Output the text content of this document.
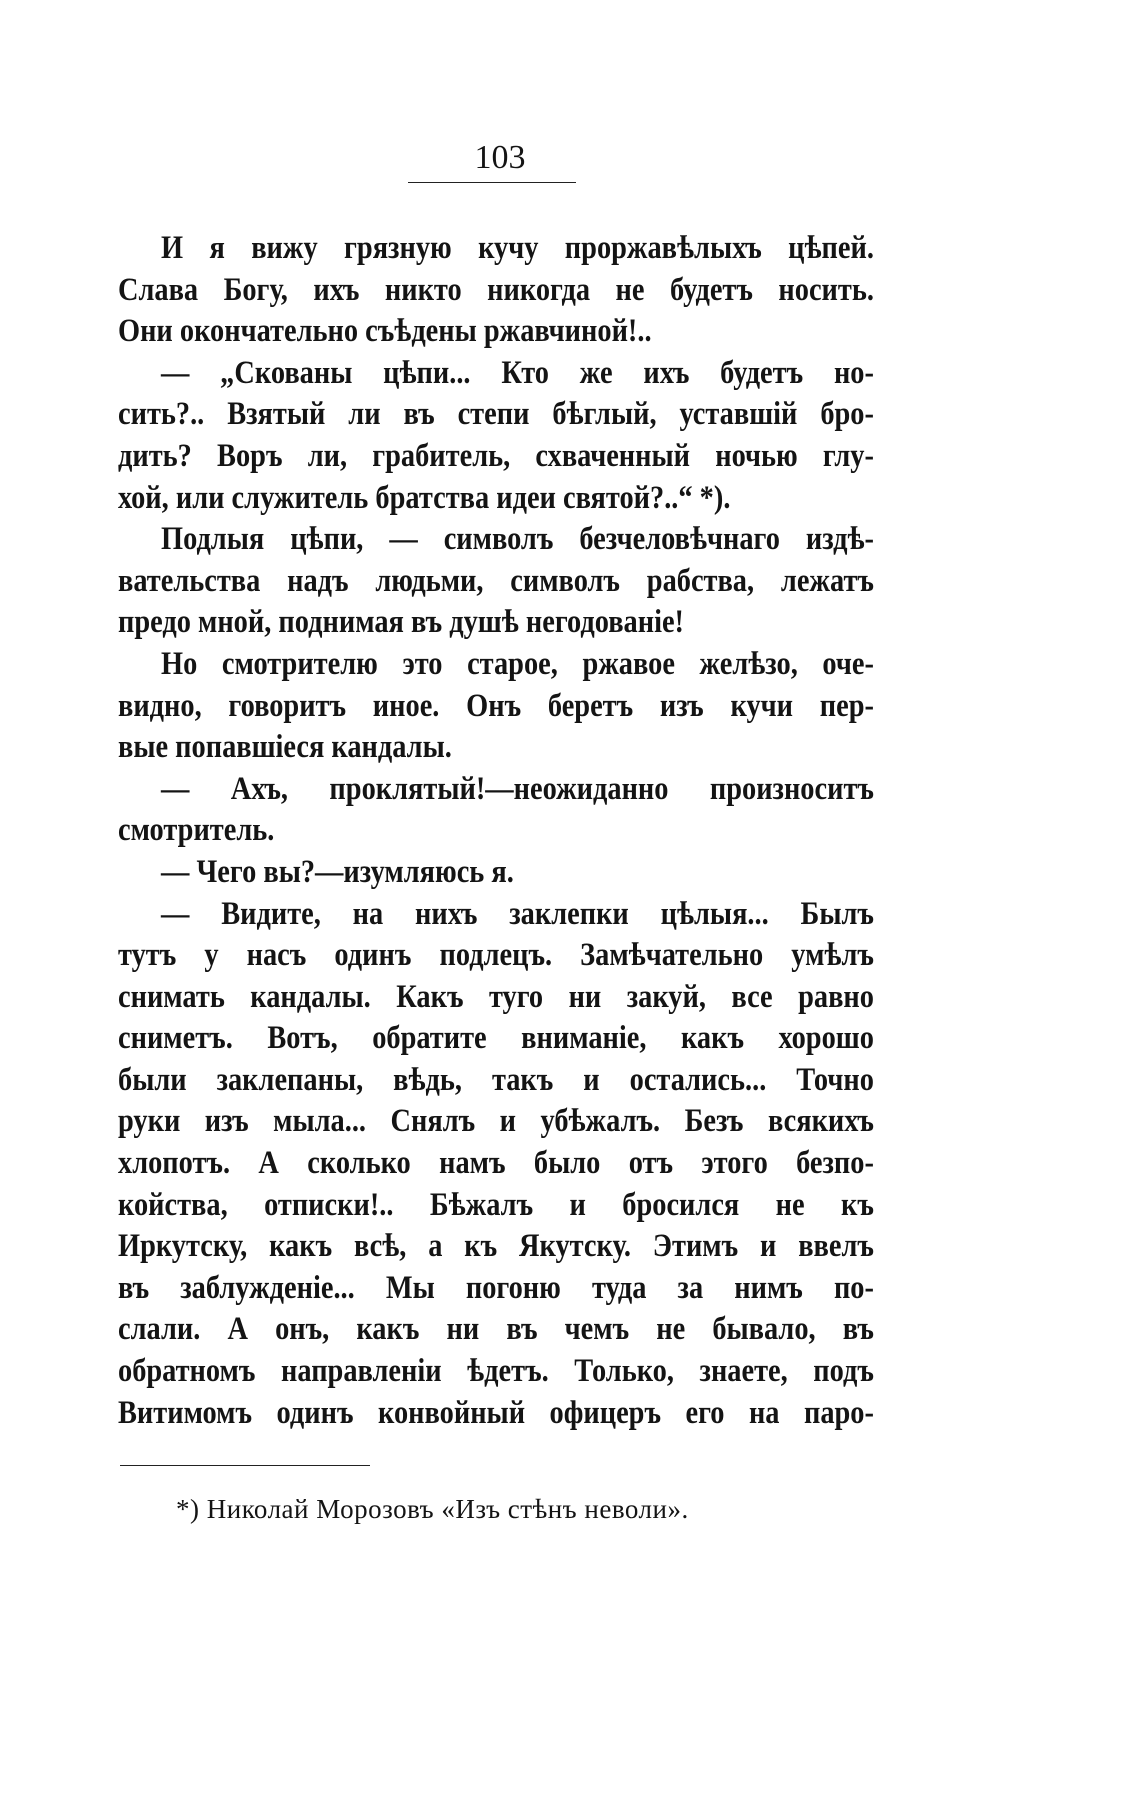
103
И я вижу грязную кучу проржавѣлыхъ цѣпей.
Слава Богу, ихъ никто никогда не будетъ носить.
Они окончательно съѣдены ржавчиной!..
— „Скованы цѣпи... Кто же ихъ будетъ но-
сить?.. Взятый ли въ степи бѣглый, уставшій бро-
дить? Воръ ли, грабитель, схваченный ночью глу-
хой, или служитель братства идеи святой?..“ *).
Подлыя цѣпи, — символъ безчеловѣчнаго издѣ-
вательства надъ людьми, символъ рабства, лежатъ
предо мной, поднимая въ душѣ негодованіе!
Но смотрителю это старое, ржавое желѣзо, оче-
видно, говоритъ иное. Онъ беретъ изъ кучи пер-
вые попавшіеся кандалы.
— Ахъ, проклятый!—неожиданно произноситъ
смотритель.
— Чего вы?—изумляюсь я.
— Видите, на нихъ заклепки цѣлыя... Былъ
тутъ у насъ одинъ подлецъ. Замѣчательно умѣлъ
снимать кандалы. Какъ туго ни закуй, все равно
сниметъ. Вотъ, обратите вниманіе, какъ хорошо
были заклепаны, вѣдь, такъ и остались... Точно
руки изъ мыла... Снялъ и убѣжалъ. Безъ всякихъ
хлопотъ. А сколько намъ было отъ этого безпо-
койства, отписки!.. Бѣжалъ и бросился не къ
Иркутску, какъ всѣ, а къ Якутску. Этимъ и ввелъ
въ заблужденіе... Мы погоню туда за нимъ по-
слали. А онъ, какъ ни въ чемъ не бывало, въ
обратномъ направленіи ѣдетъ. Только, знаете, подъ
Витимомъ одинъ конвойный офицеръ его на паро-
*) Николай Морозовъ «Изъ стѣнъ неволи».
